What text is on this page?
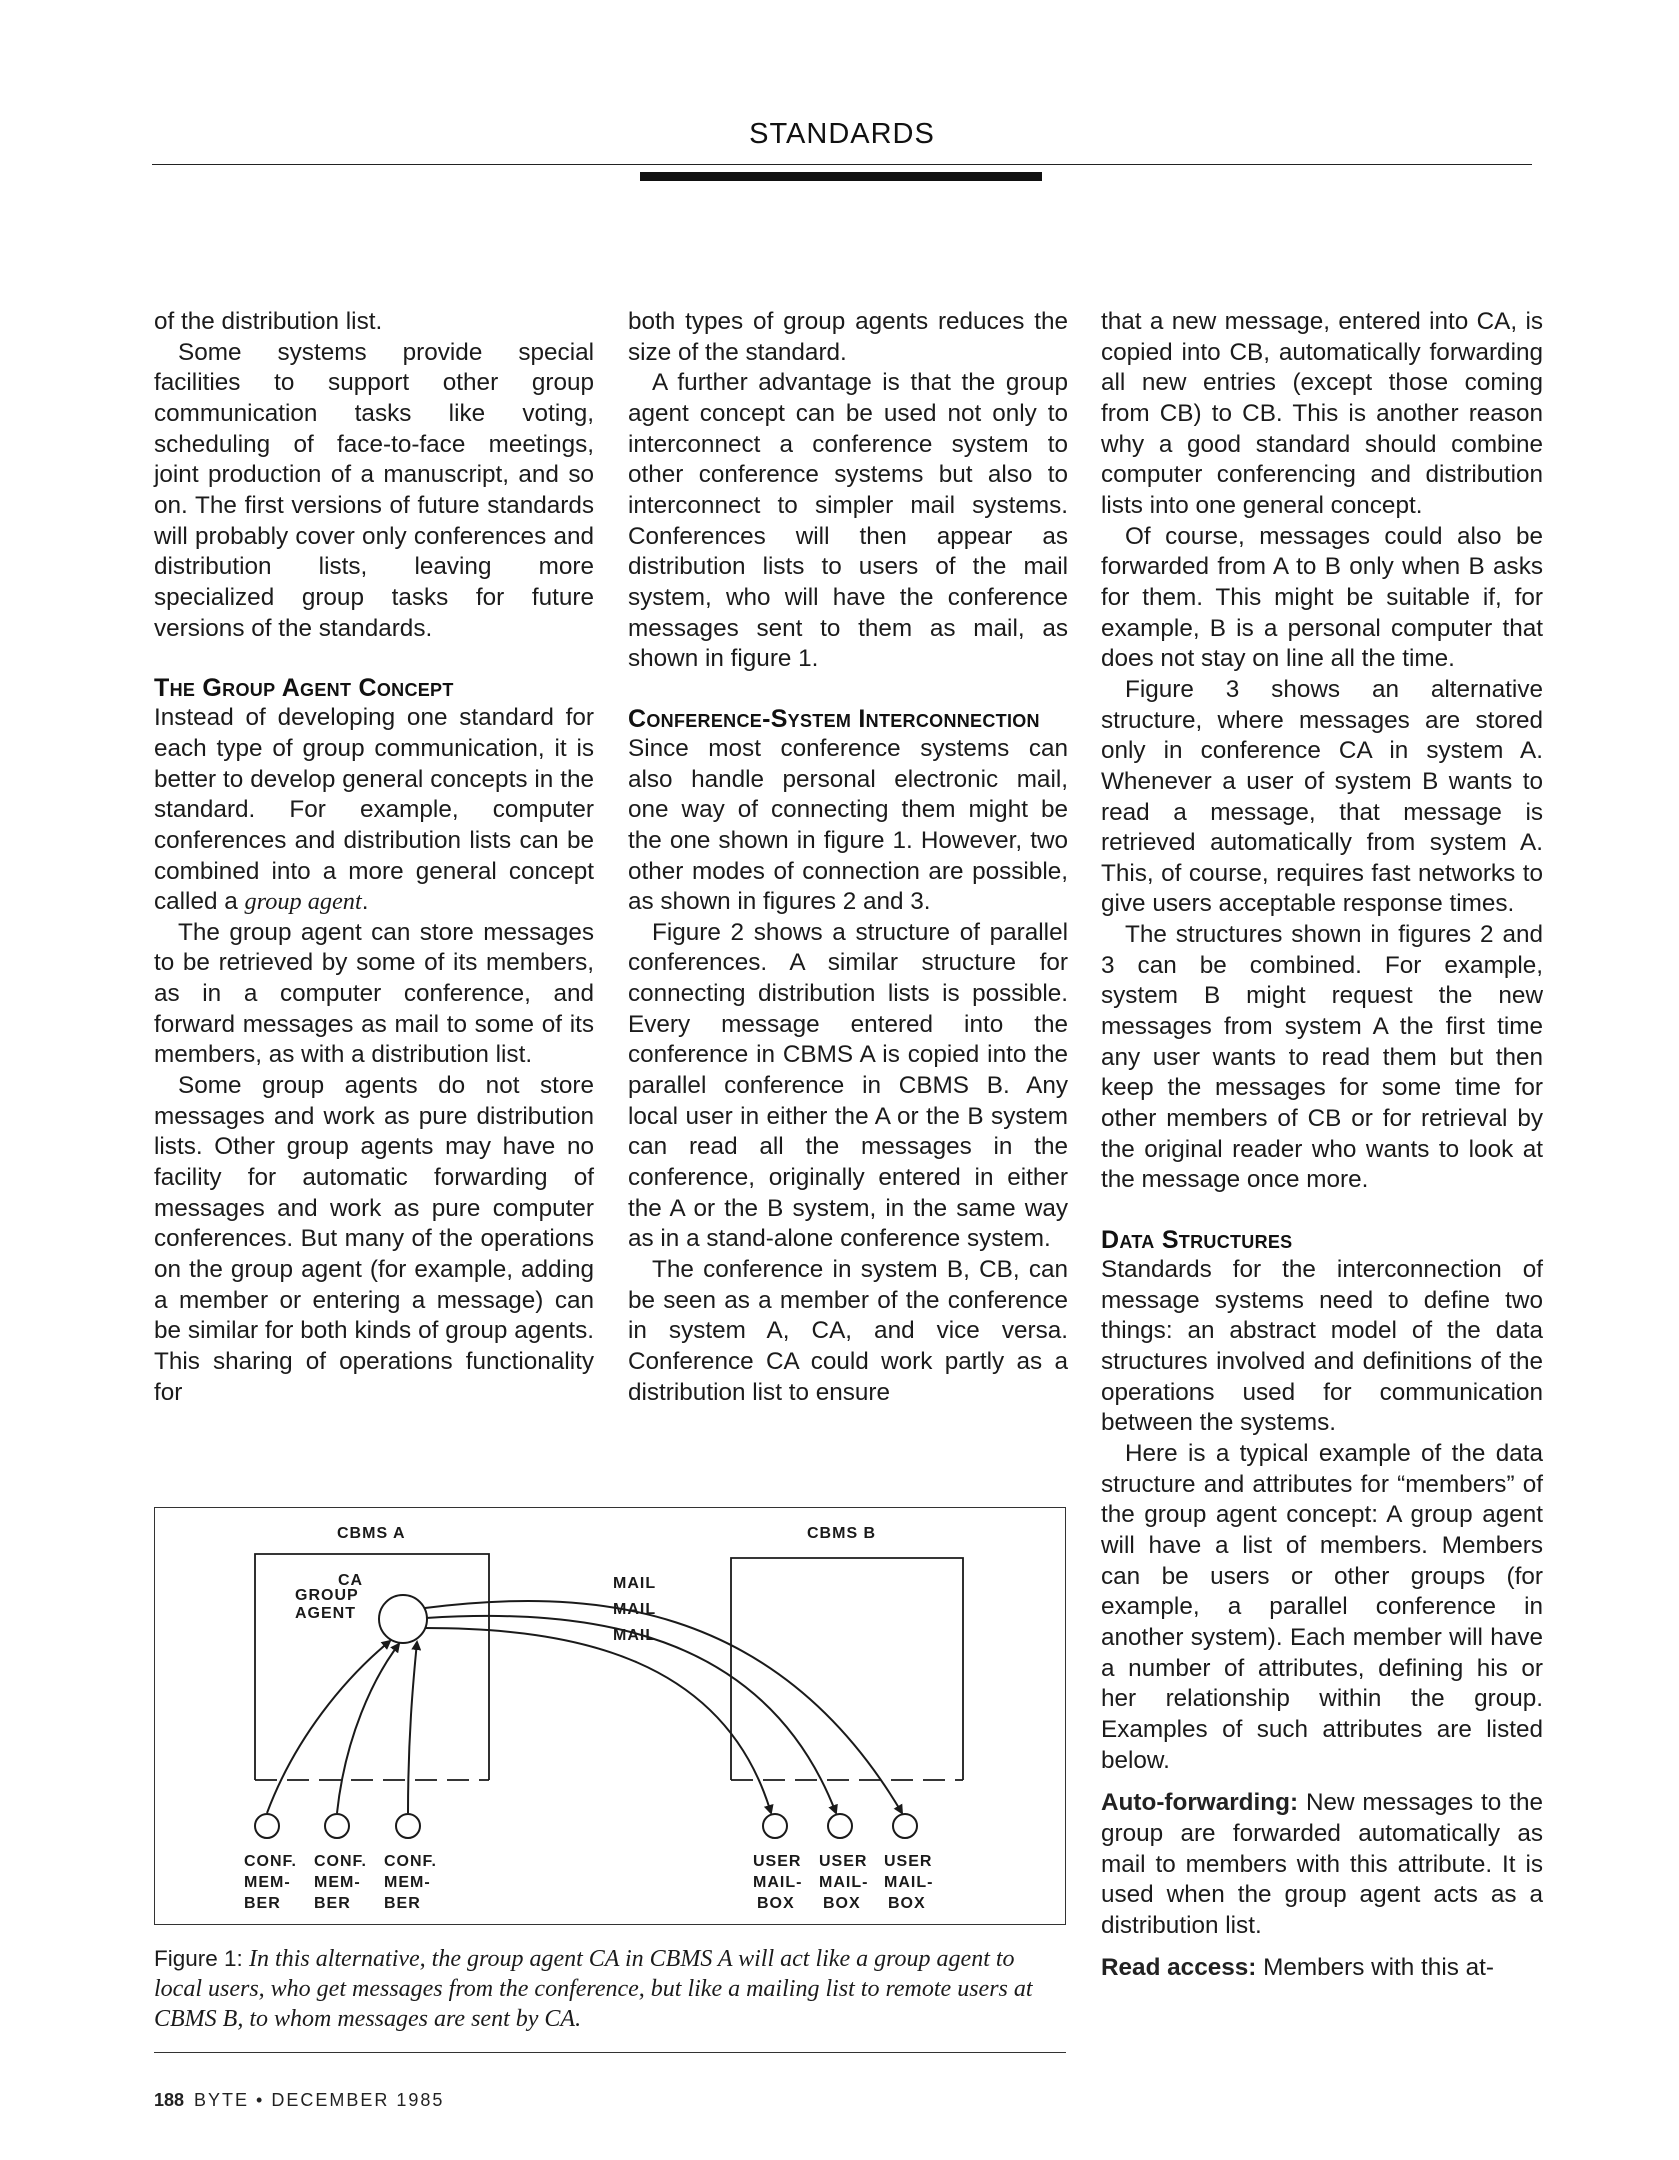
STANDARDS

of the distribution list.

Some systems provide special facilities to support other group communication tasks like voting, scheduling of face-to-face meetings, joint production of a manuscript, and so on. The first versions of future standards will probably cover only conferences and distribution lists, leaving more specialized group tasks for future versions of the standards.

The Group Agent Concept

Instead of developing one standard for each type of group communication, it is better to develop general concepts in the standard. For example, computer conferences and distribution lists can be combined into a more general concept called a group agent.

The group agent can store messages to be retrieved by some of its members, as in a computer conference, and forward messages as mail to some of its members, as with a distribution list.

Some group agents do not store messages and work as pure distribution lists. Other group agents may have no facility for automatic forwarding of messages and work as pure computer conferences. But many of the operations on the group agent (for example, adding a member or entering a message) can be similar for both kinds of group agents. This sharing of operations functionality for

both types of group agents reduces the size of the standard.

A further advantage is that the group agent concept can be used not only to interconnect a conference system to other conference systems but also to interconnect to simpler mail systems. Conferences will then appear as distribution lists to users of the mail system, who will have the conference messages sent to them as mail, as shown in figure 1.

Conference-System Interconnection

Since most conference systems can also handle personal electronic mail, one way of connecting them might be the one shown in figure 1. However, two other modes of connection are possible, as shown in figures 2 and 3.

Figure 2 shows a structure of parallel conferences. A similar structure for connecting distribution lists is possible. Every message entered into the conference in CBMS A is copied into the parallel conference in CBMS B. Any local user in either the A or the B system can read all the messages in the conference, originally entered in either the A or the B system, in the same way as in a stand-alone conference system.

The conference in system B, CB, can be seen as a member of the conference in system A, CA, and vice versa. Conference CA could work partly as a distribution list to ensure

that a new message, entered into CA, is copied into CB, automatically forwarding all new entries (except those coming from CB) to CB. This is another reason why a good standard should combine computer conferencing and distribution lists into one general concept.

Of course, messages could also be forwarded from A to B only when B asks for them. This might be suitable if, for example, B is a personal computer that does not stay on line all the time.

Figure 3 shows an alternative structure, where messages are stored only in conference CA in system A. Whenever a user of system B wants to read a message, that message is retrieved automatically from system A. This, of course, requires fast networks to give users acceptable response times.

The structures shown in figures 2 and 3 can be combined. For example, system B might request the new messages from system A the first time any user wants to read them but then keep the messages for some time for other members of CB or for retrieval by the original reader who wants to look at the message once more.

Data Structures

Standards for the interconnection of message systems need to define two things: an abstract model of the data structures involved and definitions of the operations used for communication between the systems.

Here is a typical example of the data structure and attributes for “members” of the group agent concept: A group agent will have a list of members. Members can be users or other groups (for example, a parallel conference in another system). Each member will have a number of attributes, defining his or her relationship within the group. Examples of such attributes are listed below.

Auto-forwarding: New messages to the group are forwarded automatically as mail to members with this attribute. It is used when the group agent acts as a distribution list.

Read access: Members with this at-

CBMS A	CBMS B
CA
GROUP
AGENT
MAIL
MAIL
MAIL
CONF.
MEM-
BER
CONF.
MEM-
BER
CONF.
MEM-
BER
USER
MAIL-
BOX
USER
MAIL-
BOX
USER
MAIL-
BOX
Figure 1: In this alternative, the group agent CA in CBMS A will act like a group agent to local users, who get messages from the conference, but like a mailing list to remote users at CBMS B, to whom messages are sent by CA.
188 BYTE • DECEMBER 1985
